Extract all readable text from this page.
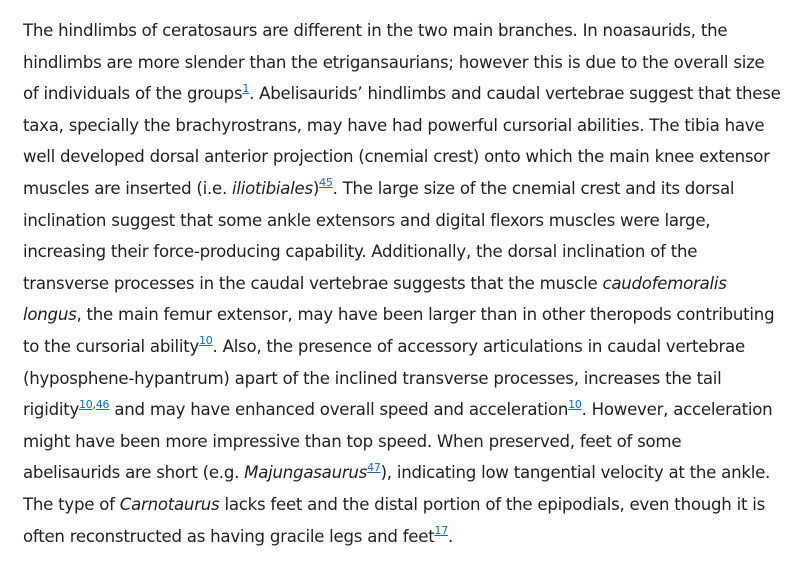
The hindlimbs of ceratosaurs are different in the two main branches. In noasaurids, the hindlimbs are more slender than the etrigansaurians; however this is due to the overall size of individuals of the groups$^1$. Abelisaurids’ hindlimbs and caudal vertebrae suggest that these taxa, specially the brachyrostrans, may have had powerful cursorial abilities. The tibia have well developed dorsal anterior projection (cnemial crest) onto which the main knee extensor muscles are inserted (i.e. iliotibiales)$^{45}$. The large size of the cnemial crest and its dorsal inclination suggest that some ankle extensors and digital flexors muscles were large, increasing their force-producing capability. Additionally, the dorsal inclination of the transverse processes in the caudal vertebrae suggests that the muscle caudofemoralis longus, the main femur extensor, may have been larger than in other theropods contributing to the cursorial ability$^{10}$. Also, the presence of accessory articulations in caudal vertebrae (hyposphene-hypantrum) apart of the inclined transverse processes, increases the tail rigidity$^{10,46}$ and may have enhanced overall speed and acceleration$^{10}$. However, acceleration might have been more impressive than top speed. When preserved, feet of some abelisaurids are short (e.g. Majungasaurus$^{47}$), indicating low tangential velocity at the ankle. The type of Carnotaurus lacks feet and the distal portion of the epipodials, even though it is often reconstructed as having gracile legs and feet$^{17}$.
